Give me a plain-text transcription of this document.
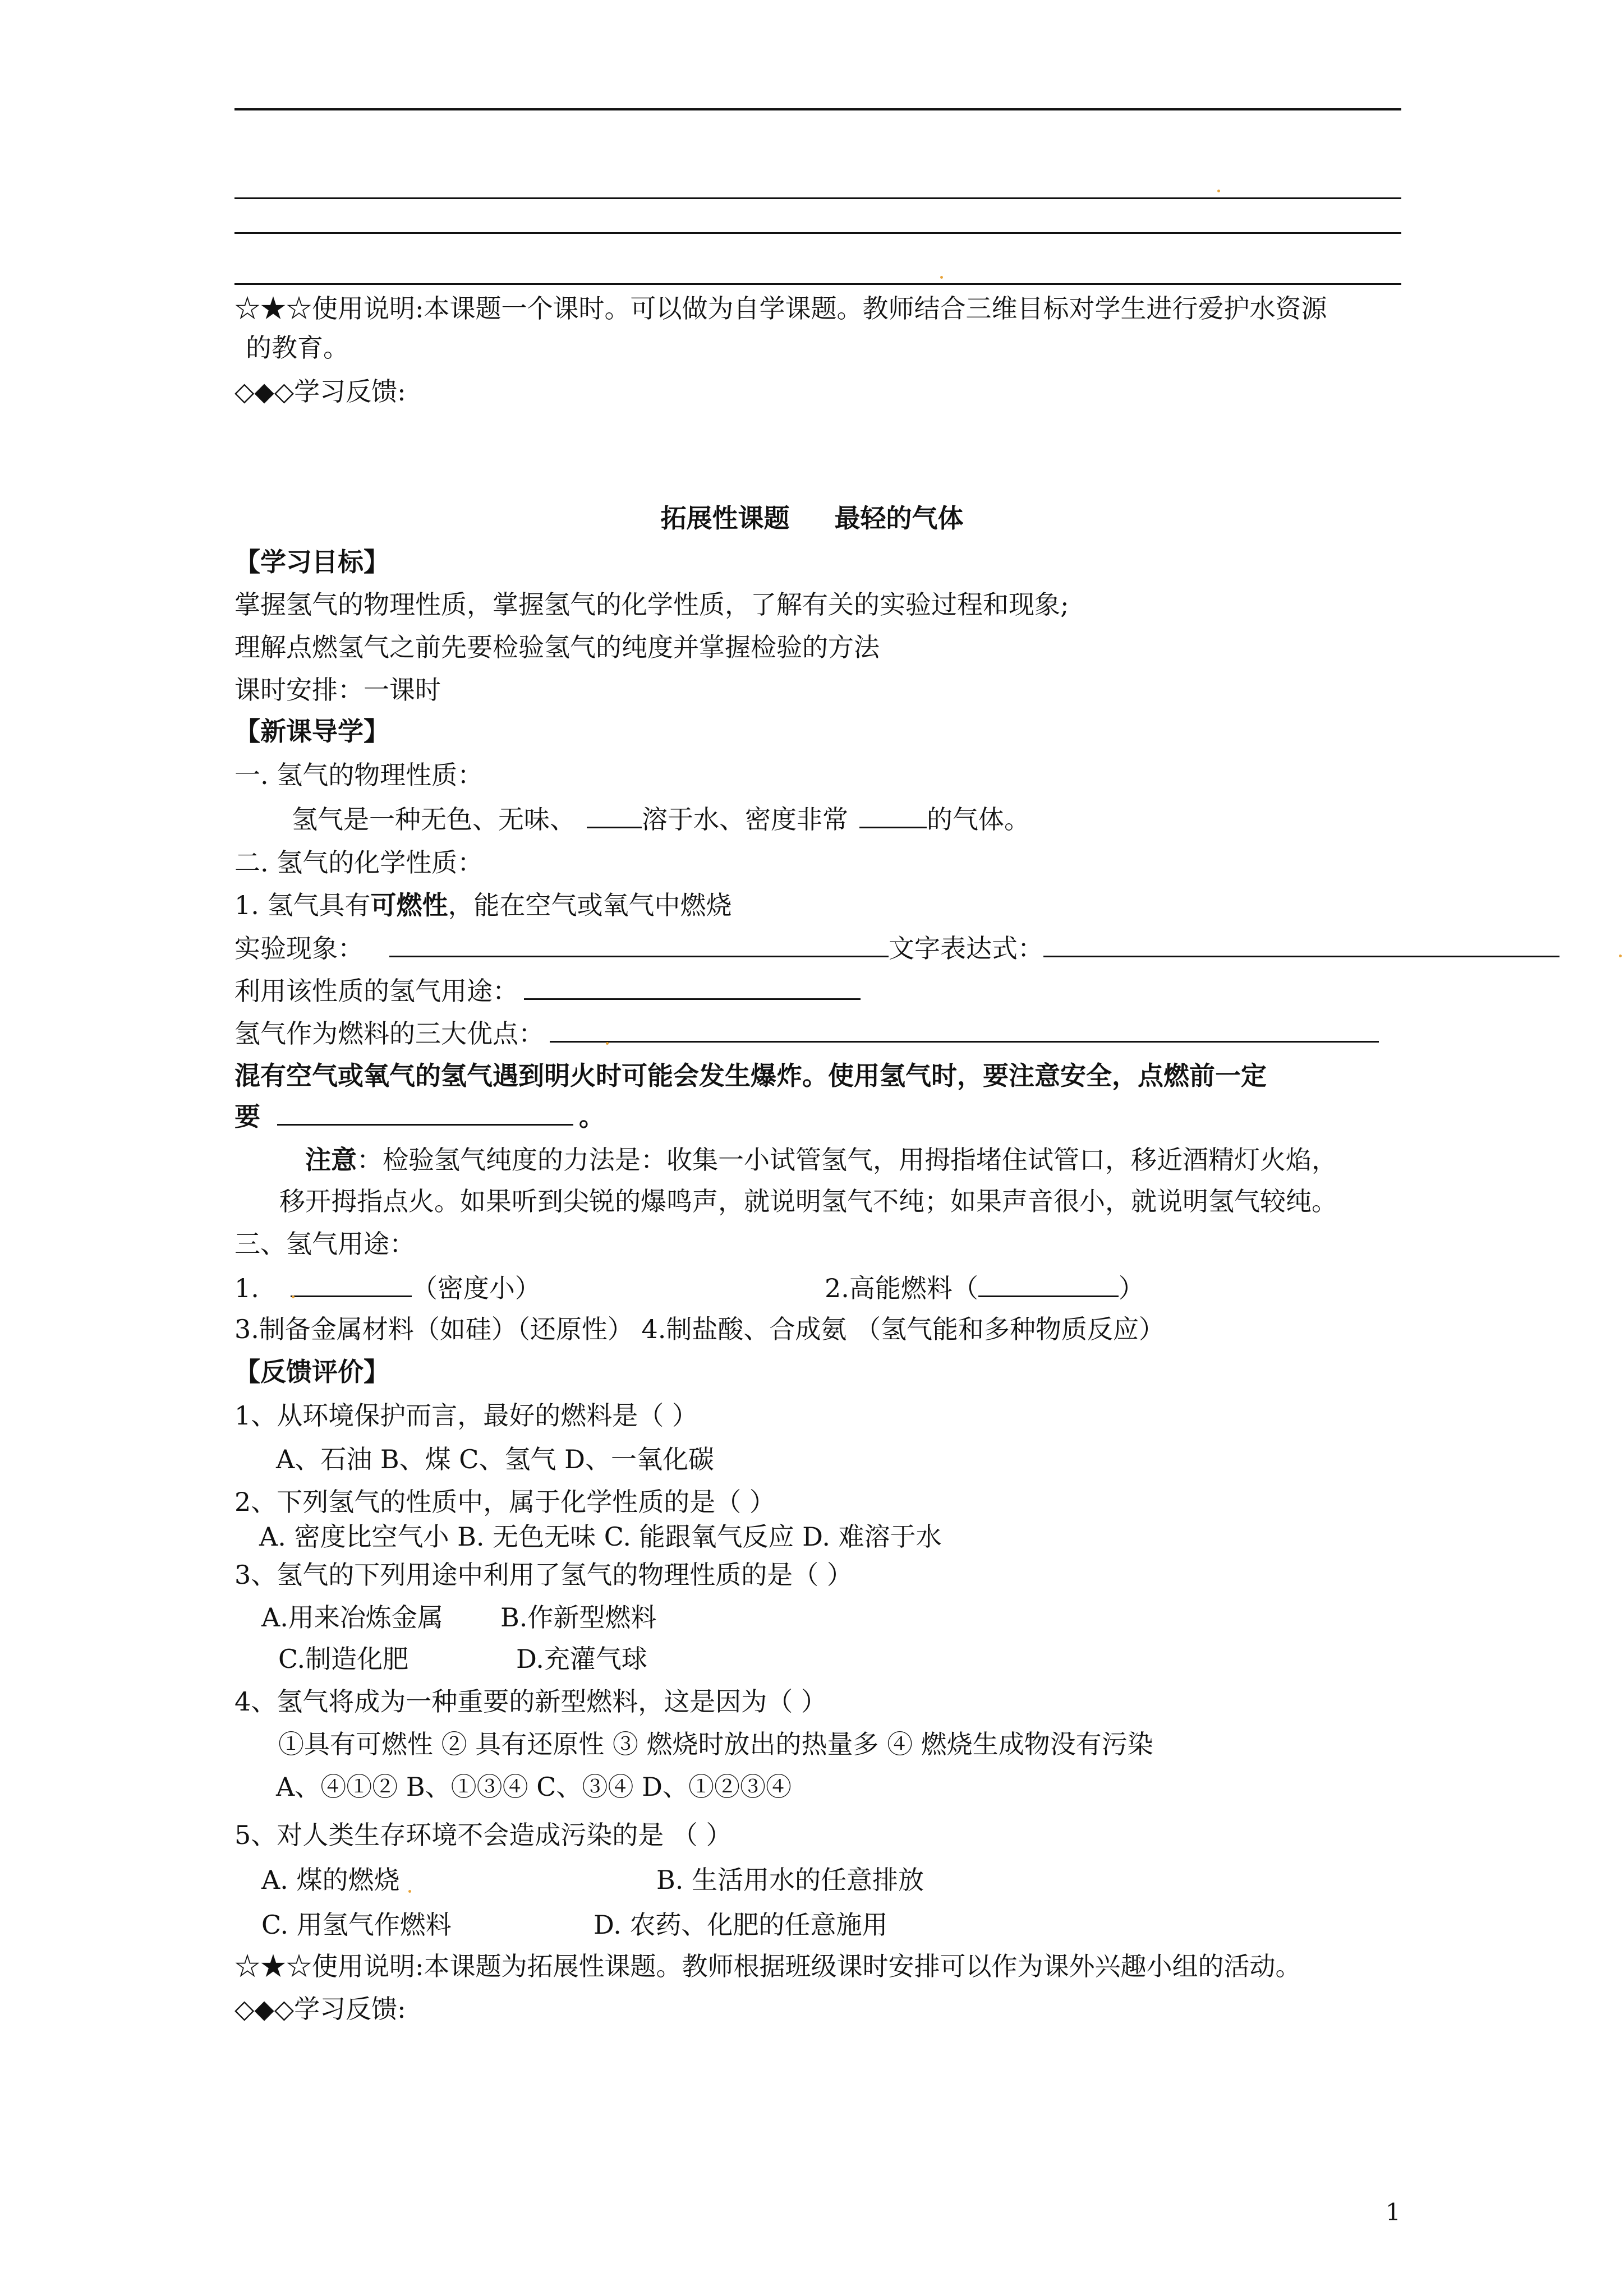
☆★☆使用说明:本课题一个课时。可以做为自学课题。教师结合三维目标对学生进行爱护水资源
的教育。
◇◆◇学习反馈:
拓展性课题 最轻的气体
【学习目标】
掌握氢气的物理性质，掌握氢气的化学性质，了解有关的实验过程和现象;
理解点燃氢气之前先要检验氢气的纯度并掌握检验的方法
课时安排：一课时
【新课导学】
一. 氢气的物理性质：
氢气是一种无色、无味、	溶于水、密度非常	的气体。
二. 氢气的化学性质：
1. 氢气具有可燃性，能在空气或氧气中燃烧
实验现象：	文字表达式：
利用该性质的氢气用途：
氢气作为燃料的三大优点：
混有空气或氧气的氢气遇到明火时可能会发生爆炸。使用氢气时，要注意安全，点燃前一定
要	。
注意：检验氢气纯度的力法是：收集一小试管氢气，用拇指堵住试管口，移近酒精灯火焰，
移开拇指点火。如果听到尖锐的爆鸣声，就说明氢气不纯；如果声音很小，就说明氢气较纯。
三、氢气用途：
1.	（密度小）	2.高能燃料（	）
3.制备金属材料（如硅）（还原性） 4.制盐酸、合成氨 （氢气能和多种物质反应）
【反馈评价】
1、从环境保护而言，最好的燃料是（ ）
A、石油 B、煤 C、氢气 D、一氧化碳
2、下列氢气的性质中，属于化学性质的是（ ）
A. 密度比空气小 B. 无色无味 C. 能跟氧气反应 D. 难溶于水
3、氢气的下列用途中利用了氢气的物理性质的是（ ）
A.用来冶炼金属	B.作新型燃料
C.制造化肥	D.充灌气球
4、氢气将成为一种重要的新型燃料，这是因为（ ）
①具有可燃性 ② 具有还原性 ③ 燃烧时放出的热量多 ④ 燃烧生成物没有污染
A、④①② B、①③④ C、③④ D、①②③④
5、对人类生存环境不会造成污染的是 （ ）
A. 煤的燃烧	B. 生活用水的任意排放
C. 用氢气作燃料	D. 农药、化肥的任意施用
☆★☆使用说明:本课题为拓展性课题。教师根据班级课时安排可以作为课外兴趣小组的活动。
◇◆◇学习反馈:
1
